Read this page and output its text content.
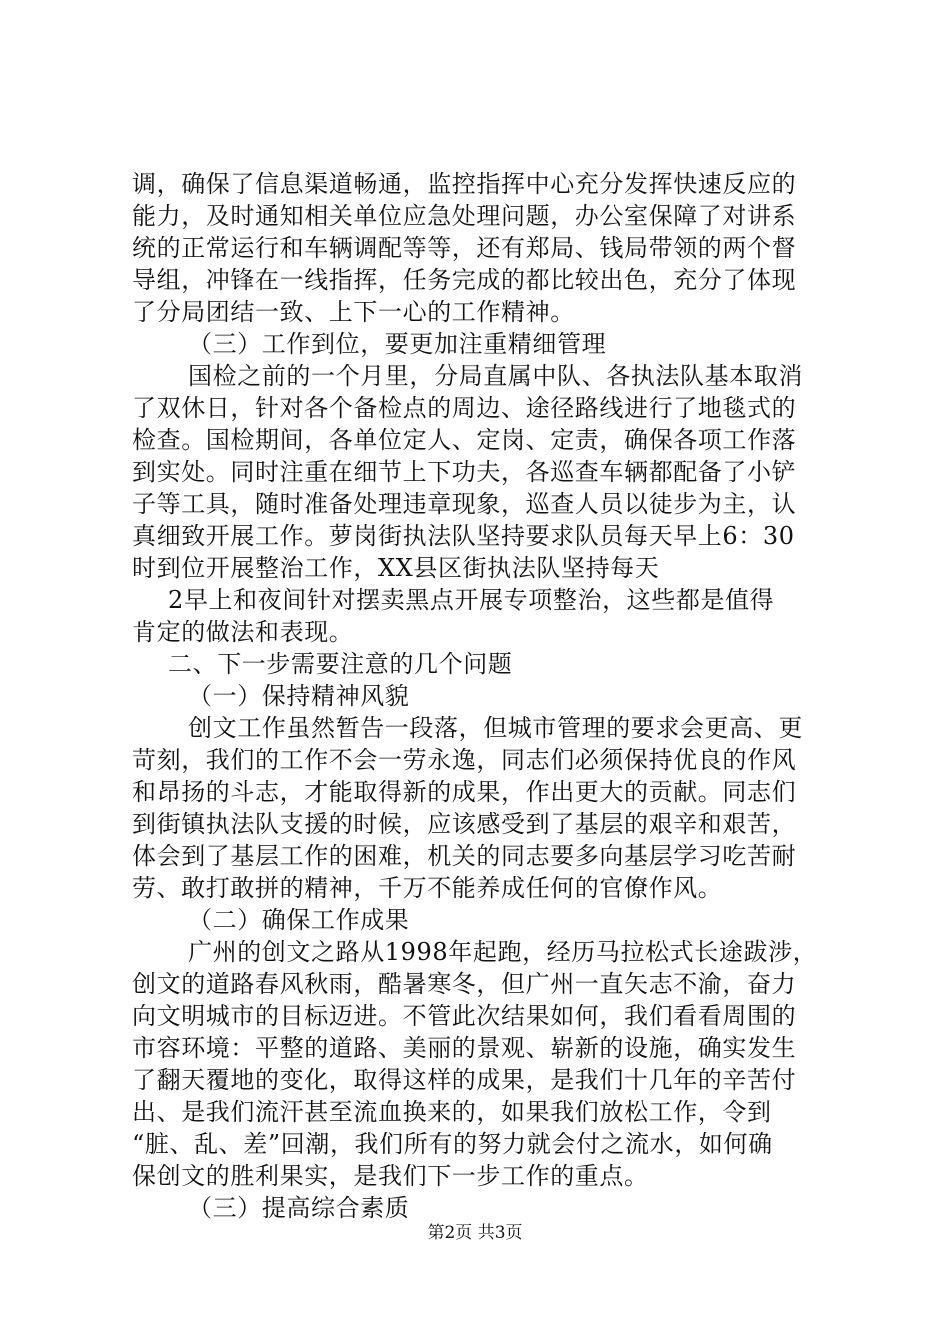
调，确保了信息渠道畅通，监控指挥中心充分发挥快速反应的

能力，及时通知相关单位应急处理问题，办公室保障了对讲系

统的正常运行和车辆调配等等，还有郑局、钱局带领的两个督

导组，冲锋在一线指挥，任务完成的都比较出色，充分了体现

了分局团结一致、上下一心的工作精神。

（三）工作到位，要更加注重精细管理

国检之前的一个月里，分局直属中队、各执法队基本取消

了双休日，针对各个备检点的周边、途径路线进行了地毯式的

检查。国检期间，各单位定人、定岗、定责，确保各项工作落

到实处。同时注重在细节上下功夫，各巡查车辆都配备了小铲

子等工具，随时准备处理违章现象，巡查人员以徒步为主，认

真细致开展工作。萝岗街执法队坚持要求队员每天早上6：30

时到位开展整治工作，XX县区街执法队坚持每天

2早上和夜间针对摆卖黑点开展专项整治，这些都是值得

肯定的做法和表现。

二、下一步需要注意的几个问题

（一）保持精神风貌

创文工作虽然暂告一段落，但城市管理的要求会更高、更

苛刻，我们的工作不会一劳永逸，同志们必须保持优良的作风

和昂扬的斗志，才能取得新的成果，作出更大的贡献。同志们

到街镇执法队支援的时候，应该感受到了基层的艰辛和艰苦，

体会到了基层工作的困难，机关的同志要多向基层学习吃苦耐

劳、敢打敢拼的精神，千万不能养成任何的官僚作风。

（二）确保工作成果

广州的创文之路从1998年起跑，经历马拉松式长途跋涉，

创文的道路春风秋雨，酷暑寒冬，但广州一直矢志不渝，奋力

向文明城市的目标迈进。不管此次结果如何，我们看看周围的

市容环境：平整的道路、美丽的景观、崭新的设施，确实发生

了翻天覆地的变化，取得这样的成果，是我们十几年的辛苦付

出、是我们流汗甚至流血换来的，如果我们放松工作，令到

“脏、乱、差”回潮，我们所有的努力就会付之流水，如何确

保创文的胜利果实，是我们下一步工作的重点。

（三）提高综合素质

第2页 共3页
